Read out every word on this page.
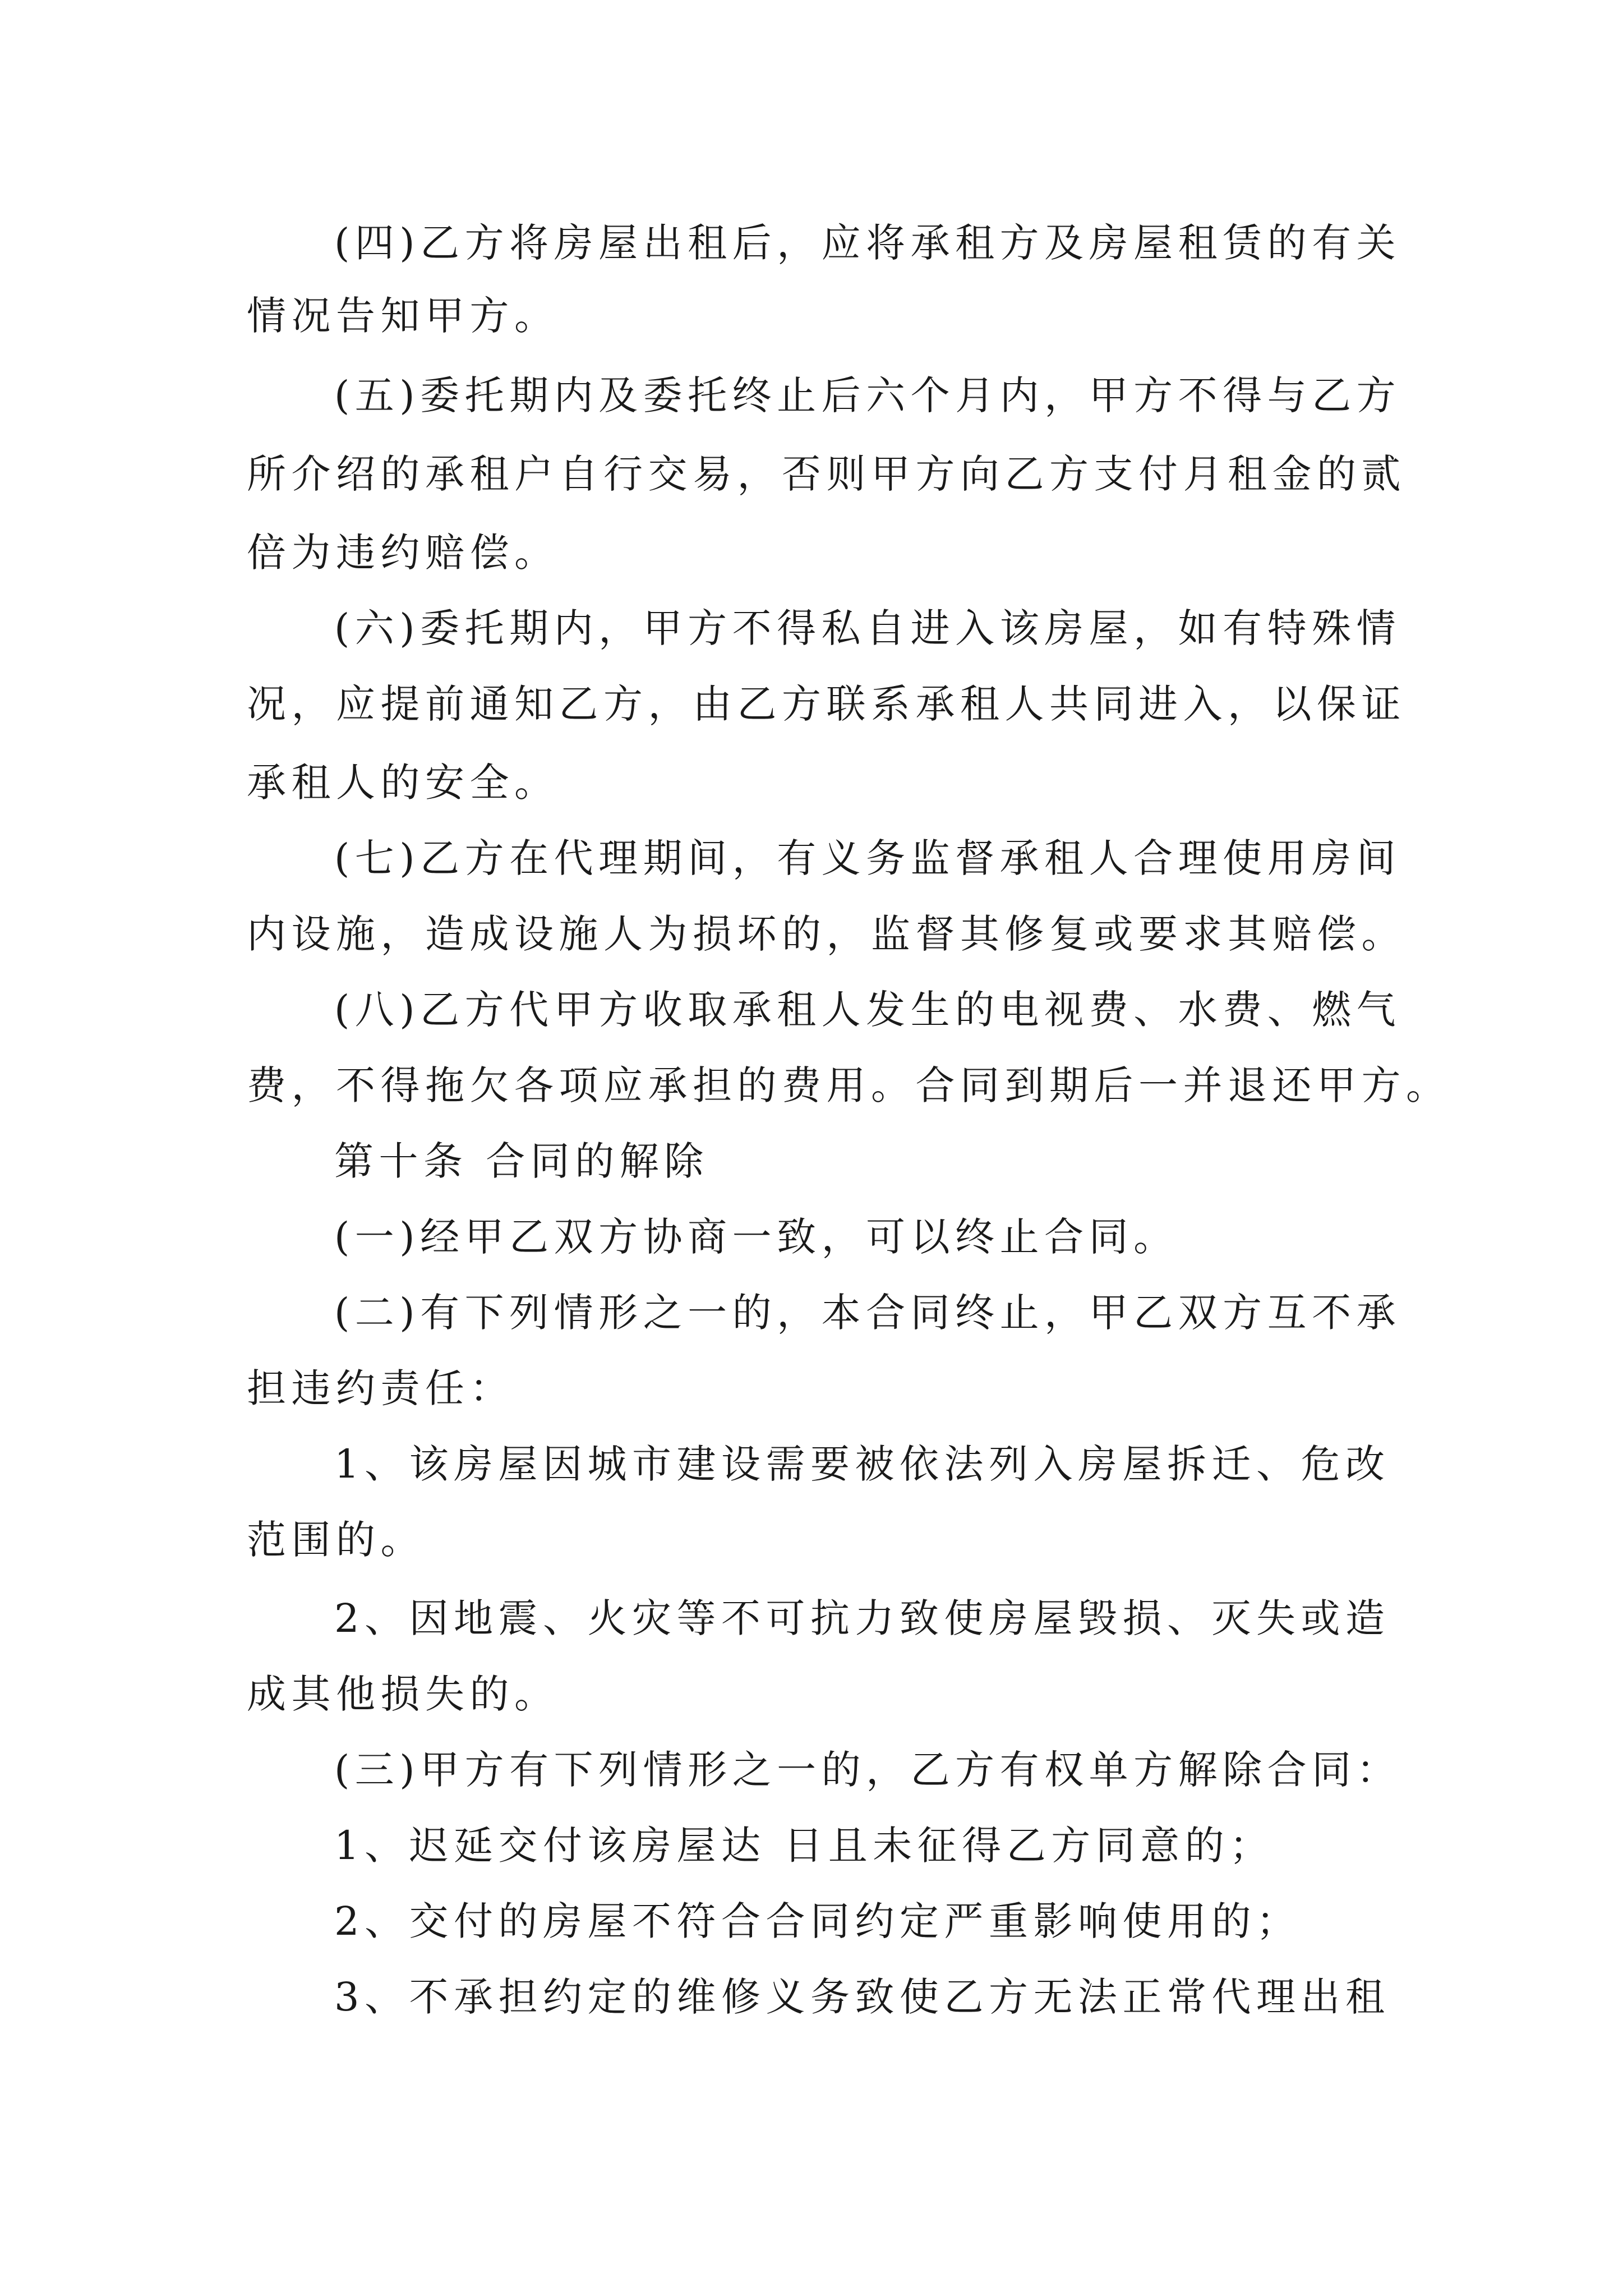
(四)乙方将房屋出租后，应将承租方及房屋租赁的有关
情况告知甲方。
(五)委托期内及委托终止后六个月内，甲方不得与乙方
所介绍的承租户自行交易，否则甲方向乙方支付月租金的贰
倍为违约赔偿。
(六)委托期内，甲方不得私自进入该房屋，如有特殊情
况，应提前通知乙方，由乙方联系承租人共同进入，以保证
承租人的安全。
(七)乙方在代理期间，有义务监督承租人合理使用房间
内设施，造成设施人为损坏的，监督其修复或要求其赔偿。
(八)乙方代甲方收取承租人发生的电视费、水费、燃气
费，不得拖欠各项应承担的费用。合同到期后一并退还甲方。
第十条 合同的解除
(一)经甲乙双方协商一致，可以终止合同。
(二)有下列情形之一的，本合同终止，甲乙双方互不承
担违约责任：
1、该房屋因城市建设需要被依法列入房屋拆迁、危改
范围的。
2、因地震、火灾等不可抗力致使房屋毁损、灭失或造
成其他损失的。
(三)甲方有下列情形之一的，乙方有权单方解除合同：
1、迟延交付该房屋达 日且未征得乙方同意的；
2、交付的房屋不符合合同约定严重影响使用的；
3、不承担约定的维修义务致使乙方无法正常代理出租
